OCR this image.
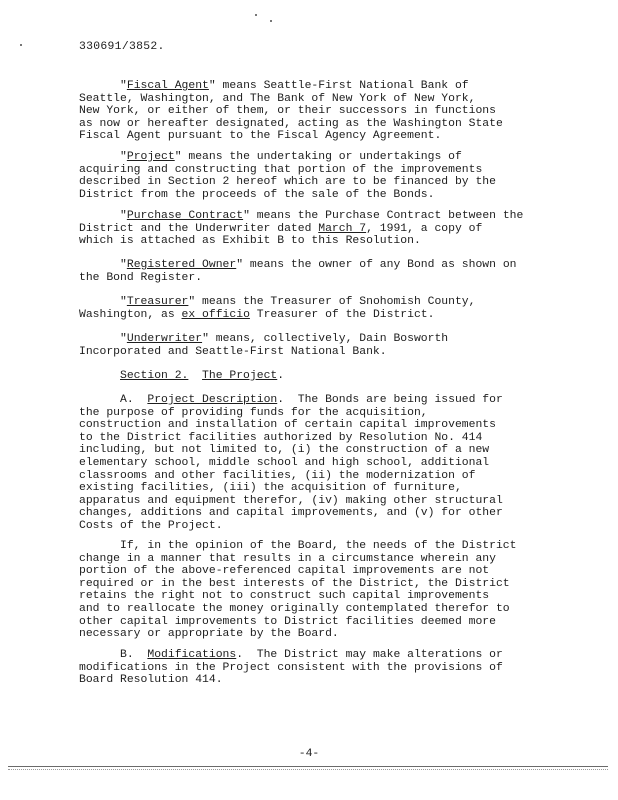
330691/3852.
"Fiscal Agent" means Seattle-First National Bank of
Seattle, Washington, and The Bank of New York of New York,
New York, or either of them, or their successors in functions
as now or hereafter designated, acting as the Washington State
Fiscal Agent pursuant to the Fiscal Agency Agreement.
"Project" means the undertaking or undertakings of
acquiring and constructing that portion of the improvements
described in Section 2 hereof which are to be financed by the
District from the proceeds of the sale of the Bonds.
"Purchase Contract" means the Purchase Contract between the
District and the Underwriter dated March 7, 1991, a copy of
which is attached as Exhibit B to this Resolution.
"Registered Owner" means the owner of any Bond as shown on
the Bond Register.
"Treasurer" means the Treasurer of Snohomish County,
Washington, as ex officio Treasurer of the District.
"Underwriter" means, collectively, Dain Bosworth
Incorporated and Seattle-First National Bank.
Section 2. The Project.
A. Project Description.  The Bonds are being issued for
the purpose of providing funds for the acquisition,
construction and installation of certain capital improvements
to the District facilities authorized by Resolution No. 414
including, but not limited to, (i) the construction of a new
elementary school, middle school and high school, additional
classrooms and other facilities, (ii) the modernization of
existing facilities, (iii) the acquisition of furniture,
apparatus and equipment therefor, (iv) making other structural
changes, additions and capital improvements, and (v) for other
Costs of the Project.
If, in the opinion of the Board, the needs of the District
change in a manner that results in a circumstance wherein any
portion of the above-referenced capital improvements are not
required or in the best interests of the District, the District
retains the right not to construct such capital improvements
and to reallocate the money originally contemplated therefor to
other capital improvements to District facilities deemed more
necessary or appropriate by the Board.
B. Modifications.  The District may make alterations or
modifications in the Project consistent with the provisions of
Board Resolution 414.
-4-
